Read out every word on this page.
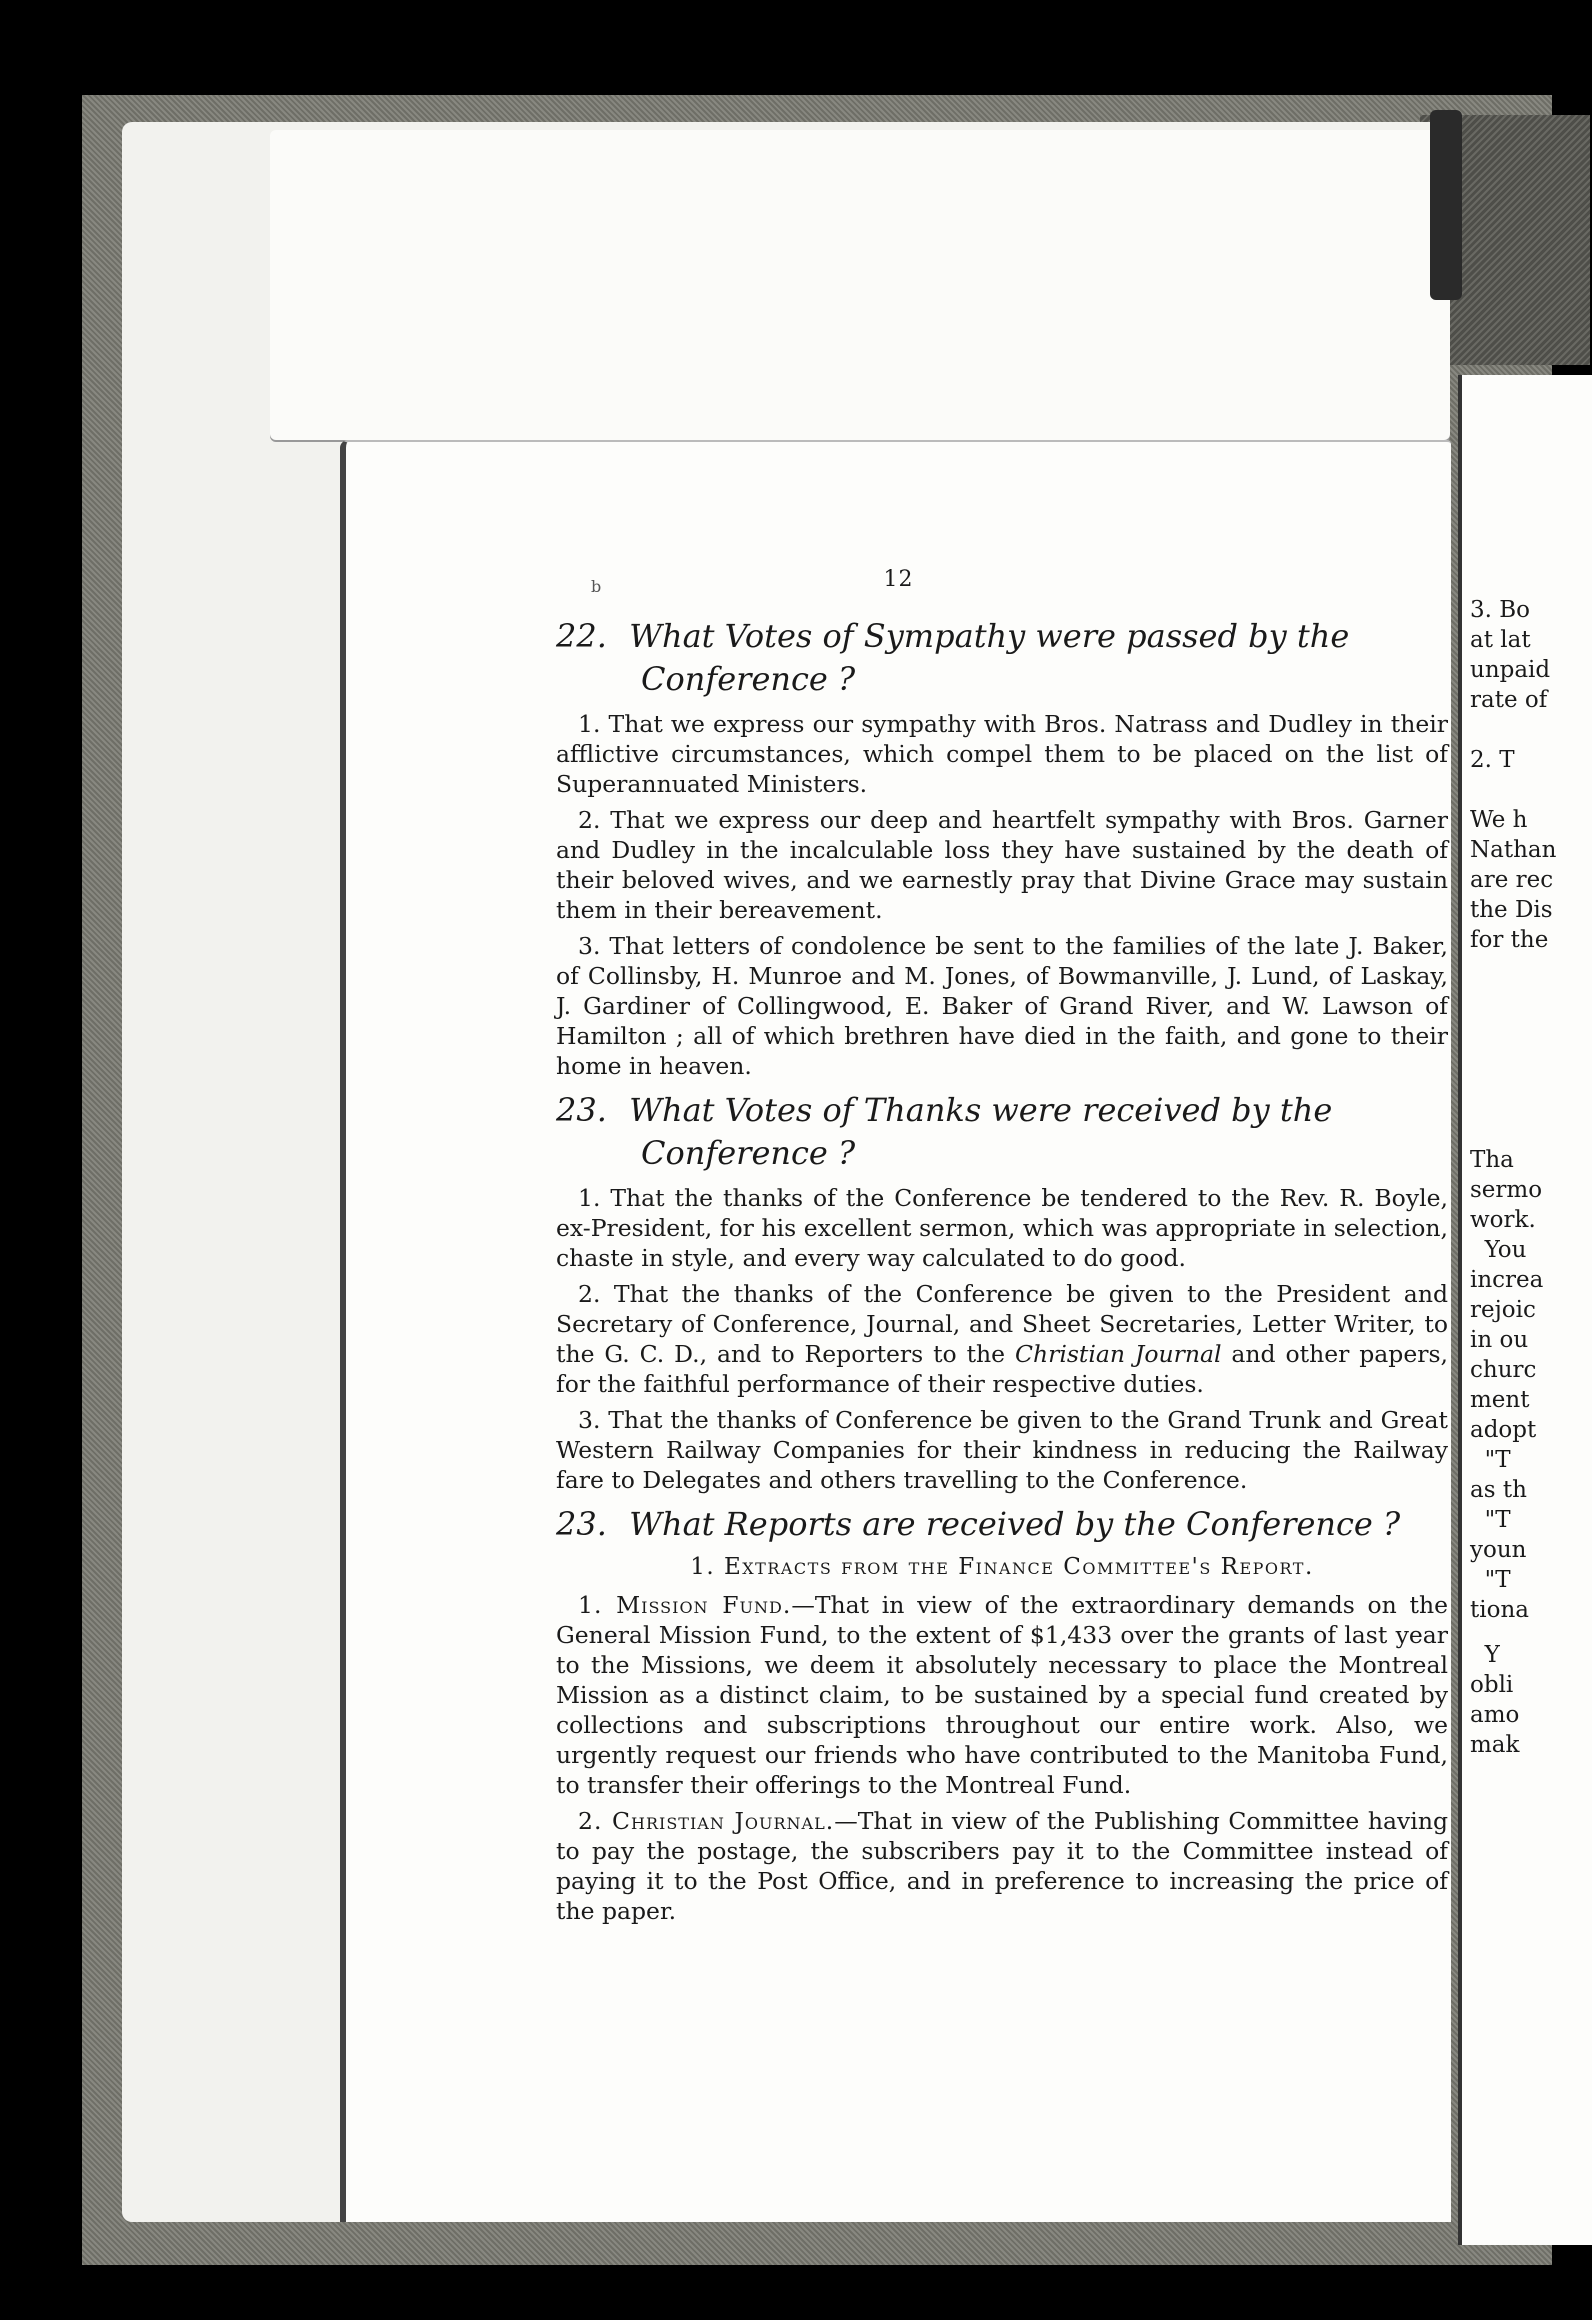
b	12
22. What Votes of Sympathy were passed by the
Conference ?

1. That we express our sympathy with Bros. Natrass and Dudley in their afflictive circumstances, which compel them to be placed on the list of Superannuated Ministers.

2. That we express our deep and heartfelt sympathy with Bros. Garner and Dudley in the incalculable loss they have sustained by the death of their beloved wives, and we earnestly pray that Divine Grace may sustain them in their bereavement.

3. That letters of condolence be sent to the families of the late J. Baker, of Collinsby, H. Munroe and M. Jones, of Bowmanville, J. Lund, of Laskay, J. Gardiner of Collingwood, E. Baker of Grand River, and W. Lawson of Hamilton ; all of which brethren have died in the faith, and gone to their home in heaven.

23. What Votes of Thanks were received by the
Conference ?

1. That the thanks of the Conference be tendered to the Rev. R. Boyle, ex-President, for his excellent sermon, which was appropriate in selection, chaste in style, and every way calculated to do good.

2. That the thanks of the Conference be given to the President and Secretary of Conference, Journal, and Sheet Secretaries, Letter Writer, to the G. C. D., and to Reporters to the Christian Journal and other papers, for the faithful performance of their respective duties.

3. That the thanks of Conference be given to the Grand Trunk and Great Western Railway Companies for their kindness in reducing the Railway fare to Delegates and others travelling to the Conference.

23. What Reports are received by the Conference ?
1. Extracts from the Finance Committee's Report.

1. Mission Fund.—That in view of the extraordinary demands on the General Mission Fund, to the extent of $1,433 over the grants of last year to the Missions, we deem it absolutely necessary to place the Montreal Mission as a distinct claim, to be sustained by a special fund created by collections and subscriptions throughout our entire work. Also, we urgently request our friends who have contributed to the Manitoba Fund, to transfer their offerings to the Montreal Fund.

2. Christian Journal.—That in view of the Publishing Committee having to pay the postage, the subscribers pay it to the Committee instead of paying it to the Post Office, and in preference to increasing the price of the paper.

3. Bo
at lat
unpaid
rate of

2. T
We h
Nathan
are rec
the Dis
for the
Tha
sermo
work.
You
increa
rejoic
in ou
churc
ment
adopt
"T
as th
"T
youn
"T
tiona
Y
obli
amo
mak
